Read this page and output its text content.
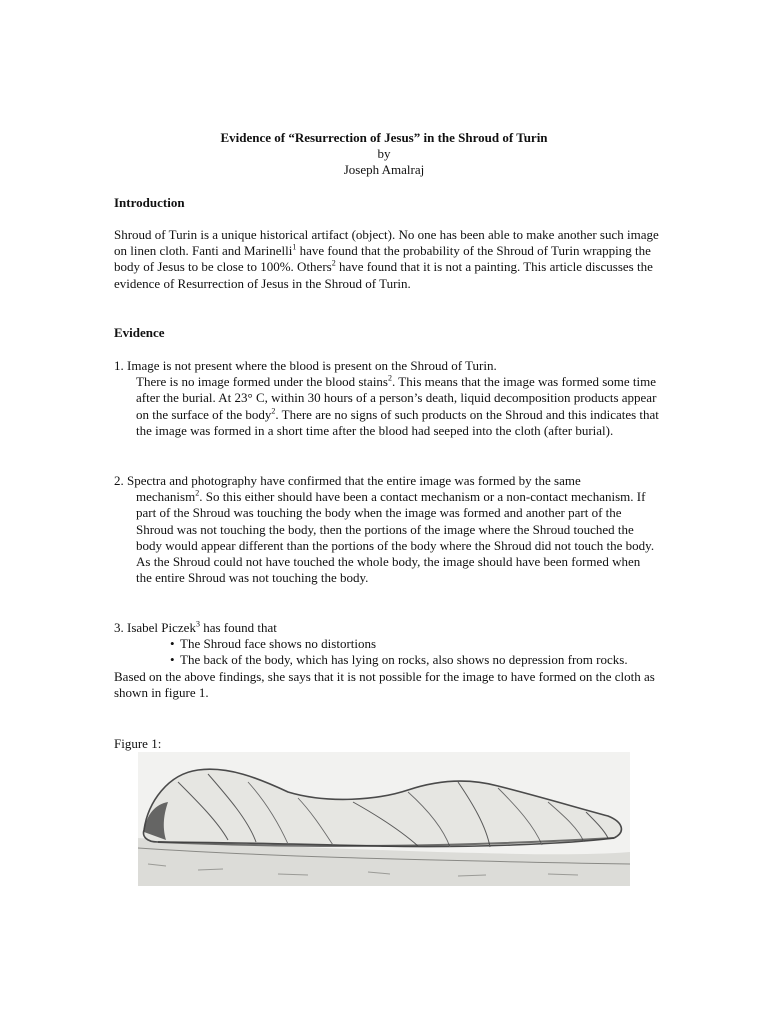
Evidence of “Resurrection of Jesus” in the Shroud of Turin
by
Joseph Amalraj
Introduction
Shroud of Turin is a unique historical artifact (object). No one has been able to make another such image on linen cloth. Fanti and Marinelli$^1$ have found that the probability of the Shroud of Turin wrapping the body of Jesus to be close to 100%. Others$^2$ have found that it is not a painting. This article discusses the evidence of Resurrection of Jesus in the Shroud of Turin.
Evidence
1. Image is not present where the blood is present on the Shroud of Turin.
There is no image formed under the blood stains$^2$. This means that the image was formed some time after the burial. At 23° C, within 30 hours of a person’s death, liquid decomposition products appear on the surface of the body$^2$. There are no signs of such products on the Shroud and this indicates that the image was formed in a short time after the blood had seeped into the cloth (after burial).
2. Spectra and photography have confirmed that the entire image was formed by the same
mechanism$^2$. So this either should have been a contact mechanism or a non-contact mechanism. If part of the Shroud was touching the body when the image was formed and another part of the Shroud was not touching the body, then the portions of the image where the Shroud touched the body would appear different than the portions of the body where the Shroud did not touch the body. As the Shroud could not have touched the whole body, the image should have been formed when the entire Shroud was not touching the body.
3. Isabel Piczek$^3$ has found that
• The Shroud face shows no distortions
• The back of the body, which has lying on rocks, also shows no depression from rocks.
Based on the above findings, she says that it is not possible for the image to have formed on the cloth as shown in figure 1.
Figure 1:
